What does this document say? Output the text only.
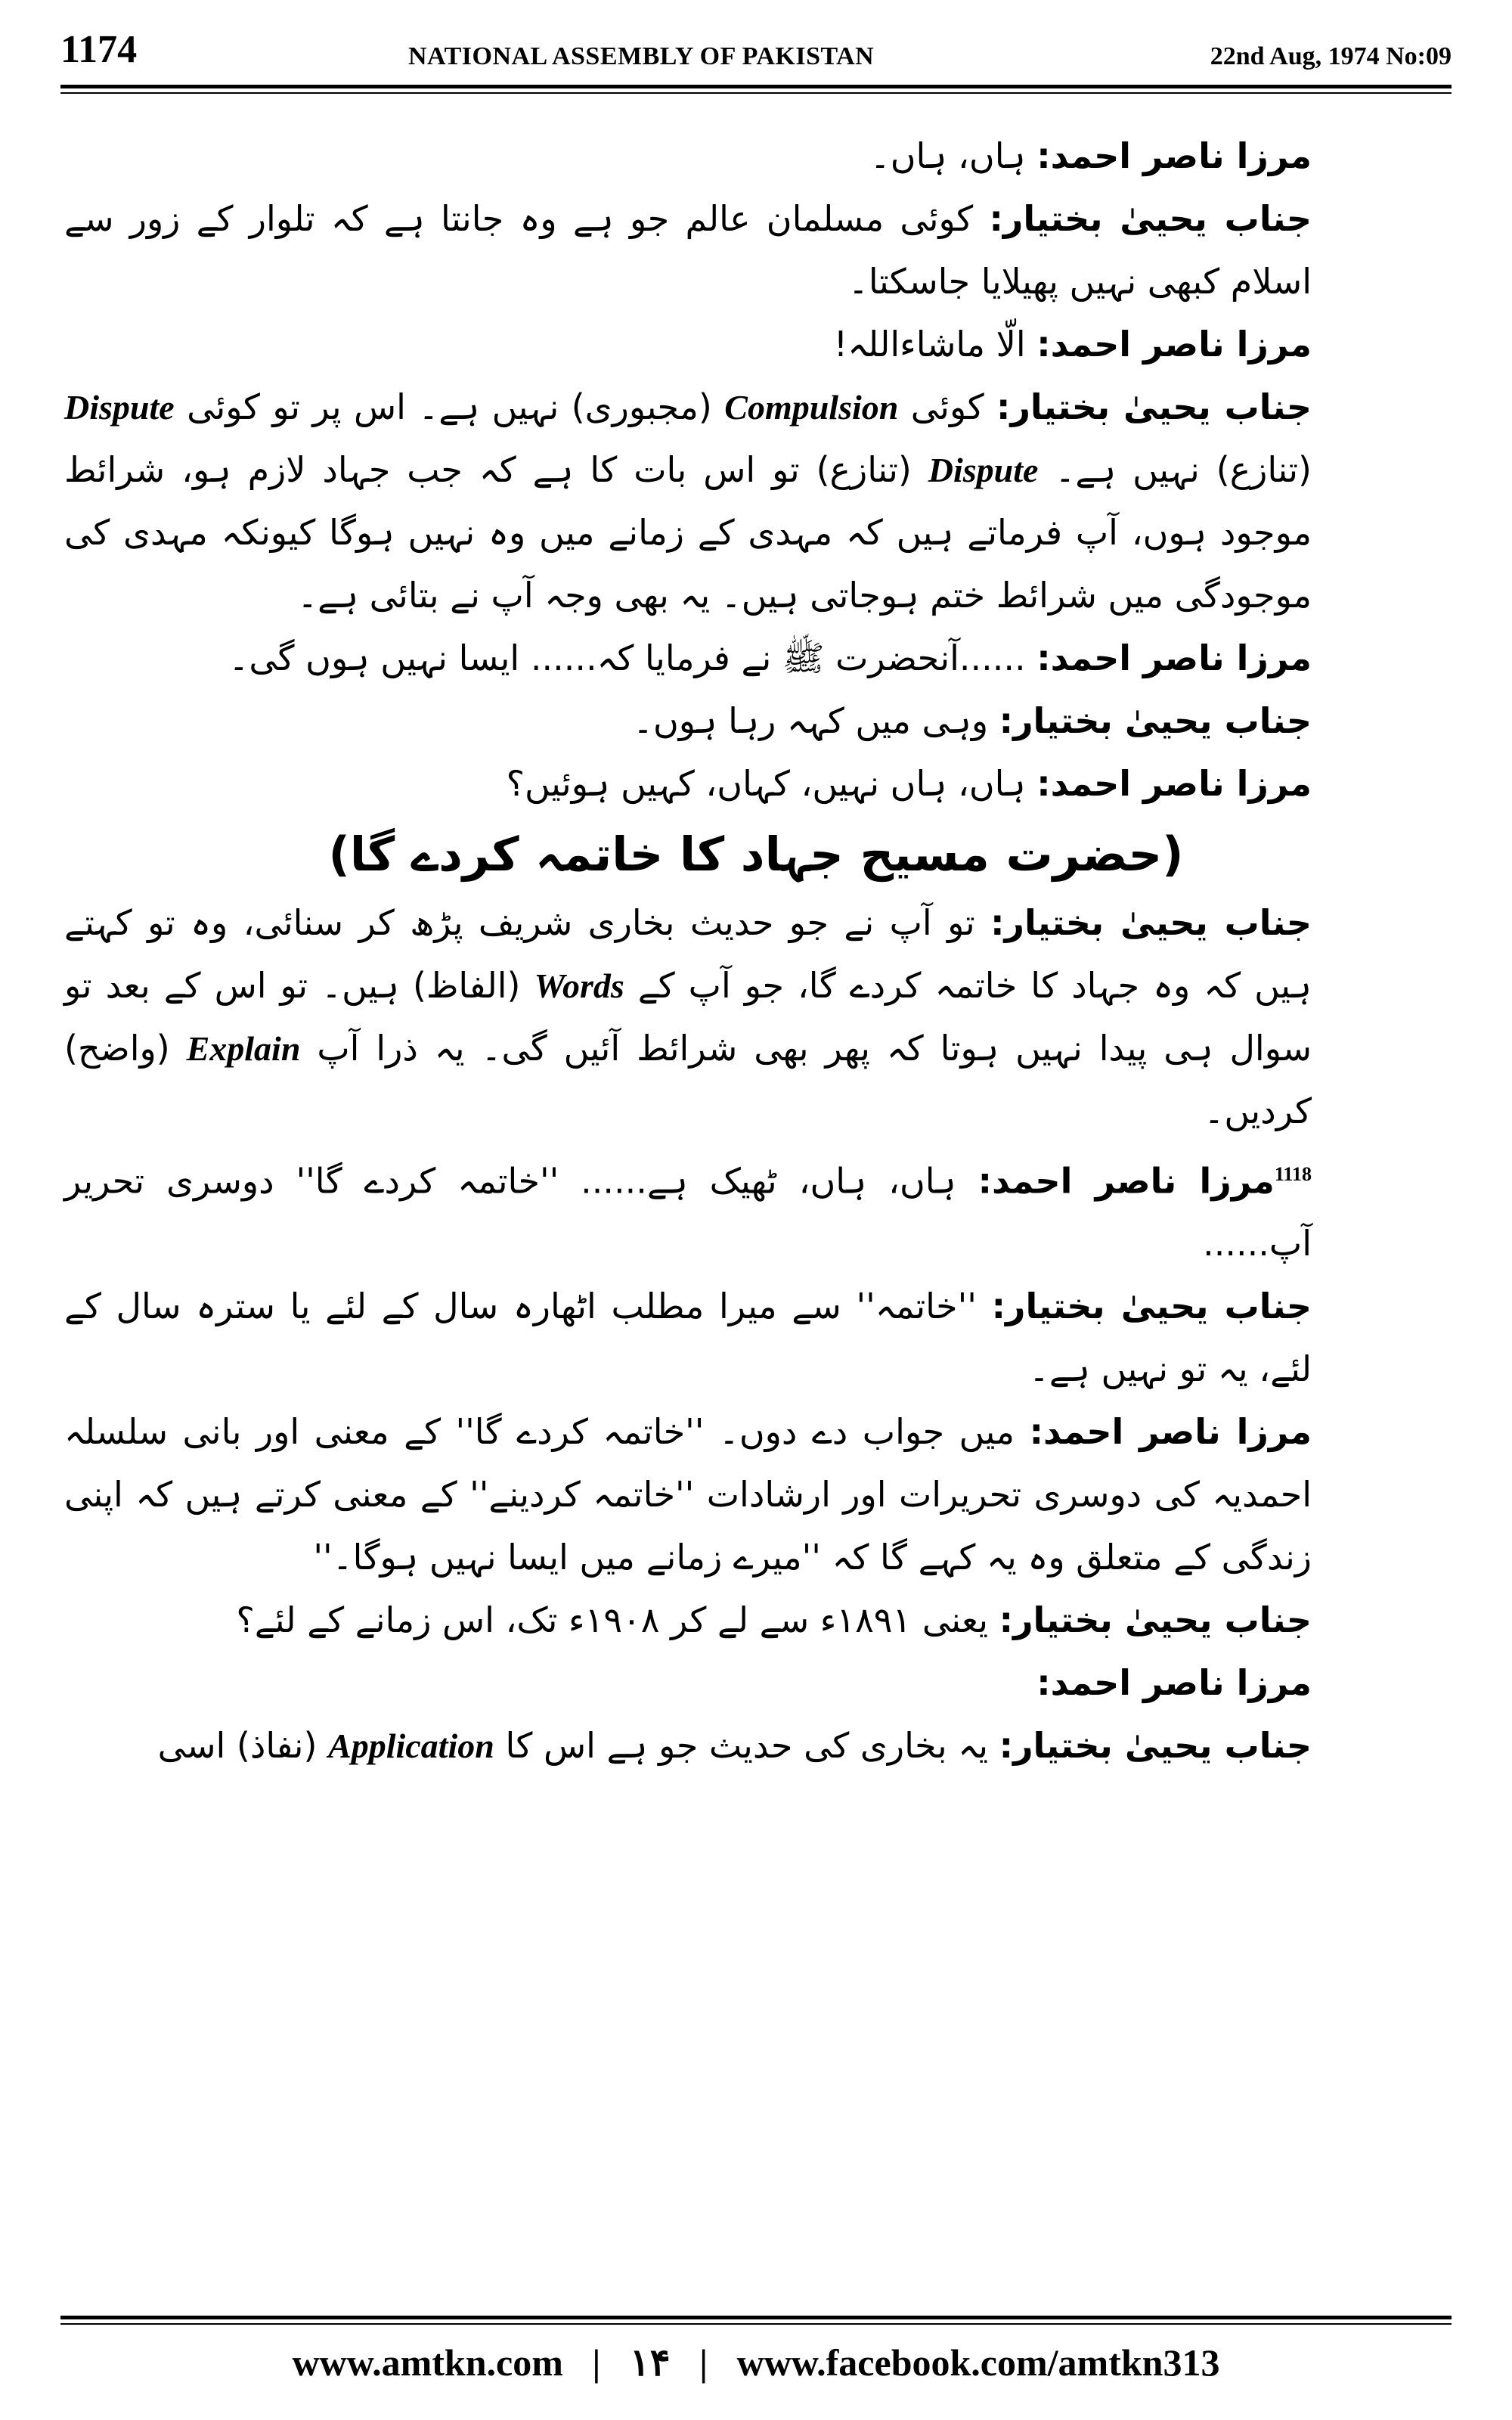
1174	NATIONAL ASSEMBLY OF PAKISTAN	22nd Aug, 1974 No:09

مرزا ناصر احمد: ہاں، ہاں۔

جناب یحییٰ بختیار: کوئی مسلمان عالم جو ہے وہ جانتا ہے کہ تلوار کے زور سے اسلام کبھی نہیں پھیلایا جاسکتا۔

مرزا ناصر احمد: الّا ماشاءاللہ!

جناب یحییٰ بختیار: کوئی Compulsion (مجبوری) نہیں ہے۔ اس پر تو کوئی Dispute (تنازع) نہیں ہے۔ Dispute (تنازع) تو اس بات کا ہے کہ جب جہاد لازم ہو، شرائط موجود ہوں، آپ فرماتے ہیں کہ مہدی کے زمانے میں وہ نہیں ہوگا کیونکہ مہدی کی موجودگی میں شرائط ختم ہوجاتی ہیں۔ یہ بھی وجہ آپ نے بتائی ہے۔

مرزا ناصر احمد: ......آنحضرت ﷺ نے فرمایا کہ...... ایسا نہیں ہوں گی۔

جناب یحییٰ بختیار: وہی میں کہہ رہا ہوں۔

مرزا ناصر احمد: ہاں، ہاں نہیں، کہاں، کہیں ہوئیں؟

(حضرت مسیح جہاد کا خاتمہ کردے گا)

جناب یحییٰ بختیار: تو آپ نے جو حدیث بخاری شریف پڑھ کر سنائی، وہ تو کہتے ہیں کہ وہ جہاد کا خاتمہ کردے گا، جو آپ کے Words (الفاظ) ہیں۔ تو اس کے بعد تو سوال ہی پیدا نہیں ہوتا کہ پھر بھی شرائط آئیں گی۔ یہ ذرا آپ Explain (واضح) کردیں۔

$^{1118}$مرزا ناصر احمد: ہاں، ہاں، ٹھیک ہے...... ''خاتمہ کردے گا'' دوسری تحریر آپ......

جناب یحییٰ بختیار: ''خاتمہ'' سے میرا مطلب اٹھارہ سال کے لئے یا سترہ سال کے لئے، یہ تو نہیں ہے۔

مرزا ناصر احمد: میں جواب دے دوں۔ ''خاتمہ کردے گا'' کے معنی اور بانی سلسلہ احمدیہ کی دوسری تحریرات اور ارشادات ''خاتمہ کردینے'' کے معنی کرتے ہیں کہ اپنی زندگی کے متعلق وہ یہ کہے گا کہ ''میرے زمانے میں ایسا نہیں ہوگا۔''

جناب یحییٰ بختیار: یعنی ۱۸۹۱ء سے لے کر ۱۹۰۸ء تک، اس زمانے کے لئے؟

مرزا ناصر احمد:

جناب یحییٰ بختیار: یہ بخاری کی حدیث جو ہے اس کا Application (نفاذ) اسی

www.amtkn.com | ۱۴ | www.facebook.com/amtkn313
